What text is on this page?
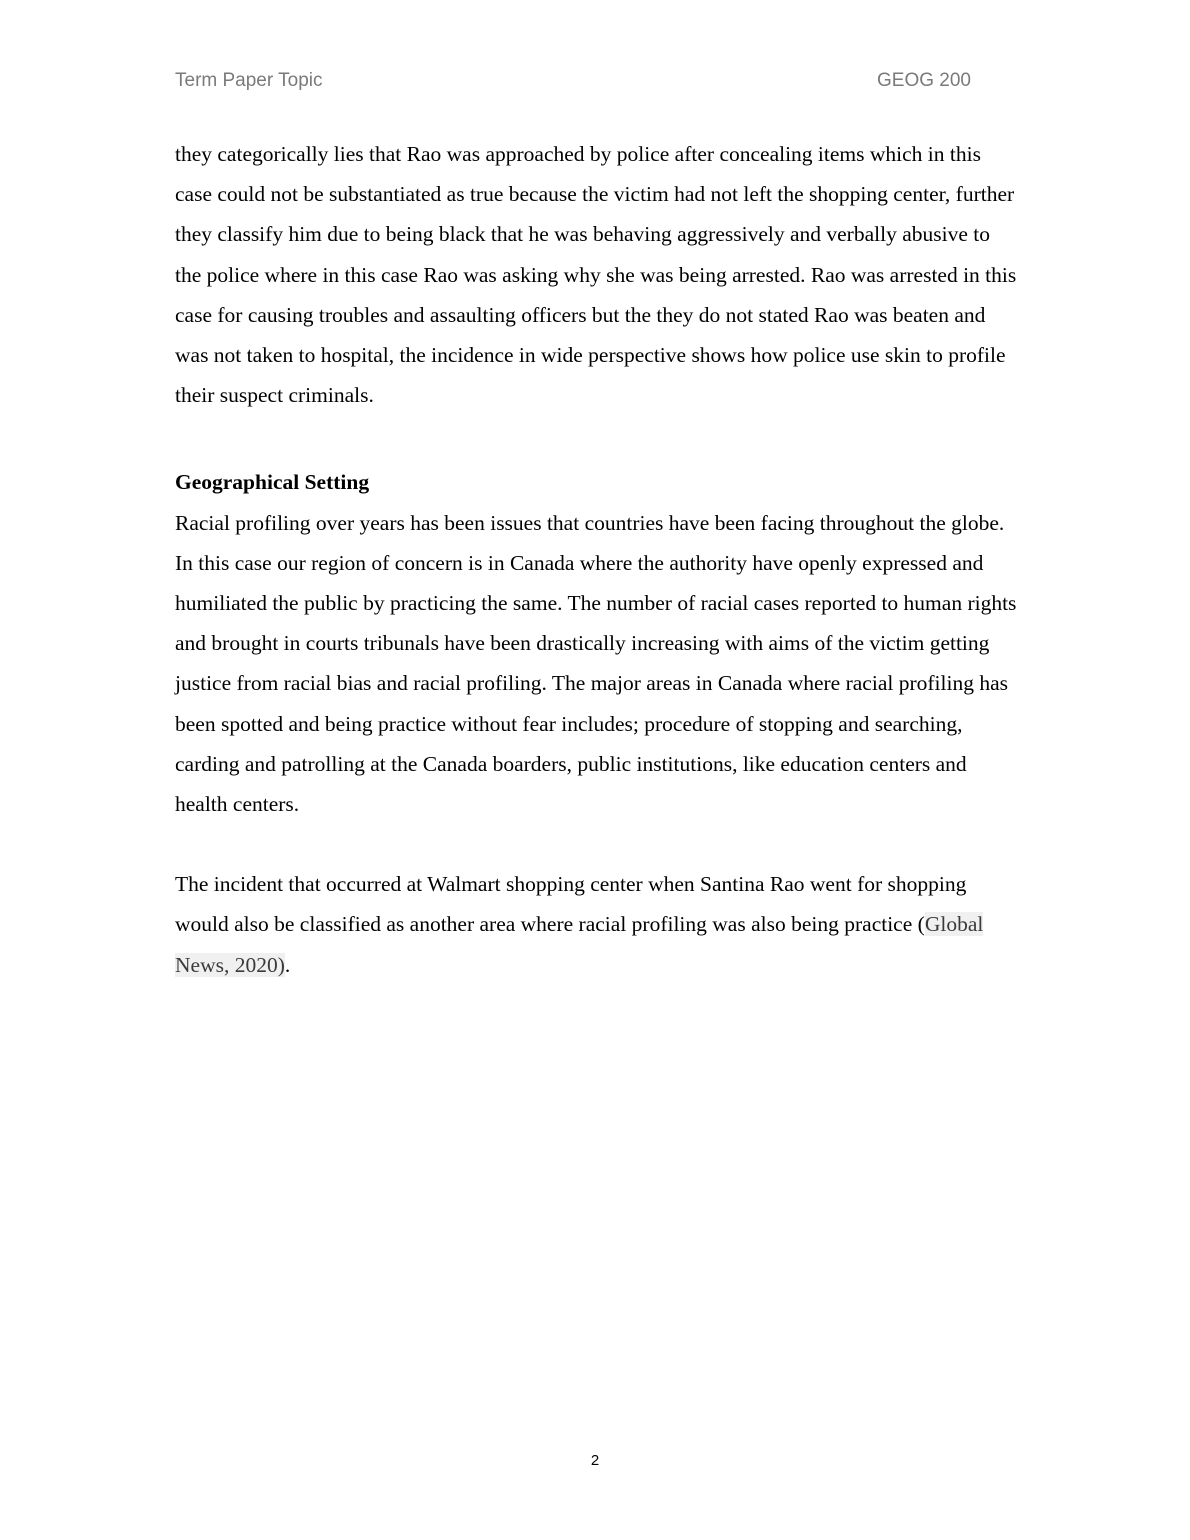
Term Paper Topic	GEOG 200

they categorically lies that Rao was approached by police after concealing items which in this case could not be substantiated as true because the victim had not left the shopping center, further they classify him due to being black that he was behaving aggressively and verbally abusive to the police where in this case Rao was asking why she was being arrested. Rao was arrested in this case for causing troubles and assaulting officers but the they do not stated Rao was beaten and was not taken to hospital, the incidence in wide perspective shows how police use skin to profile their suspect criminals.

Geographical Setting

Racial profiling over years has been issues that countries have been facing throughout the globe. In this case our region of concern is in Canada where the authority have openly expressed and humiliated the public by practicing the same. The number of racial cases reported to human rights and brought in courts tribunals have been drastically increasing with aims of the victim getting justice from racial bias and racial profiling. The major areas in Canada where racial profiling has been spotted and being practice without fear includes; procedure of stopping and searching, carding and patrolling at the Canada boarders, public institutions, like education centers and health centers.

The incident that occurred at Walmart shopping center when Santina Rao went for shopping would also be classified as another area where racial profiling was also being practice (Global News, 2020).

2
